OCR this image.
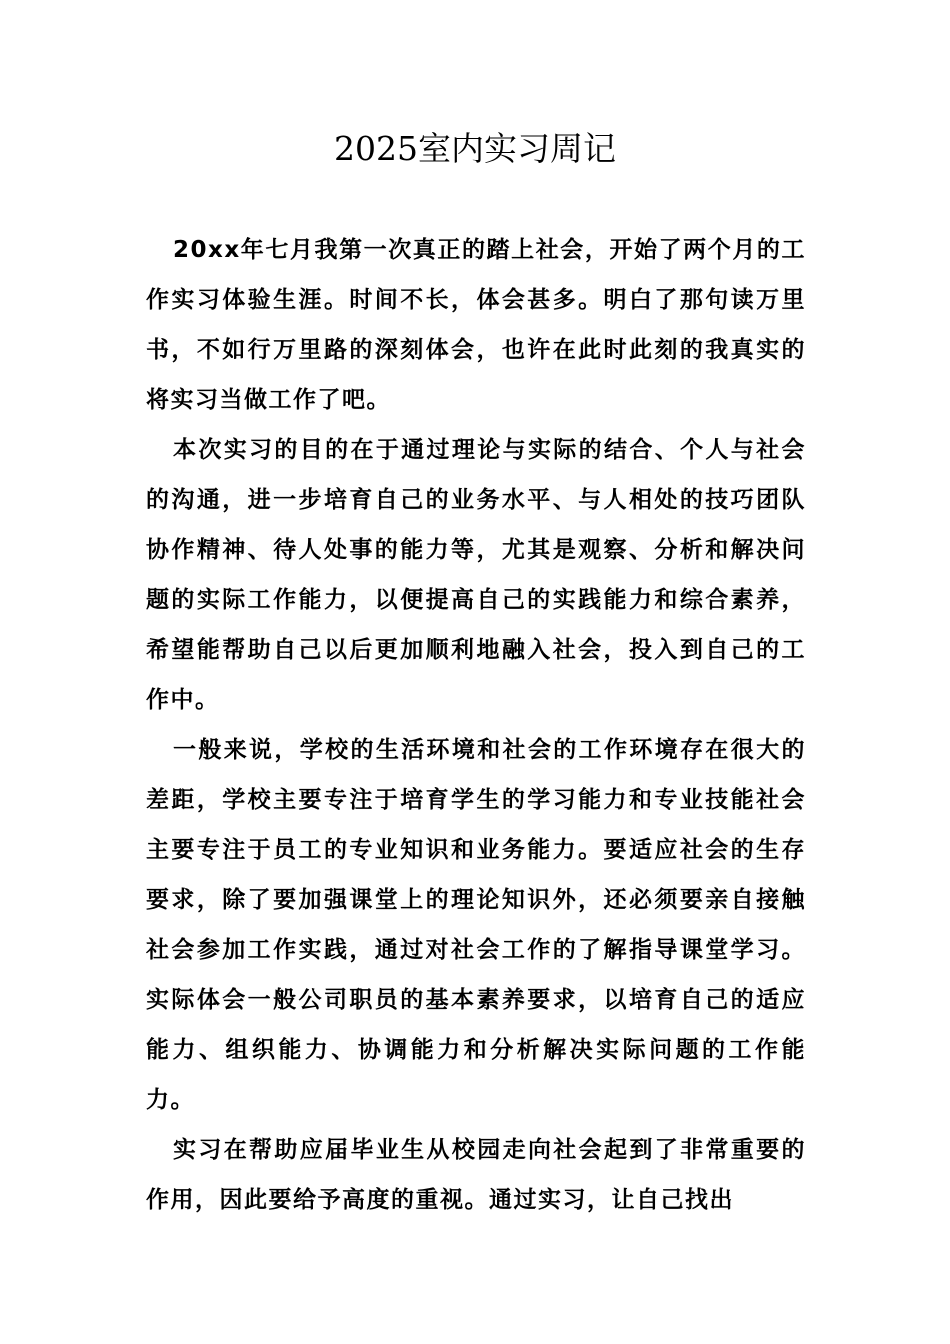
2025室内实习周记

20xx年七月我第一次真正的踏上社会，开始了两个月的工作实习体验生涯。时间不长，体会甚多。明白了那句读万里书，不如行万里路的深刻体会，也许在此时此刻的我真实的将实习当做工作了吧。

本次实习的目的在于通过理论与实际的结合、个人与社会的沟通，进一步培育自己的业务水平、与人相处的技巧团队协作精神、待人处事的能力等，尤其是观察、分析和解决问题的实际工作能力，以便提高自己的实践能力和综合素养，希望能帮助自己以后更加顺利地融入社会，投入到自己的工作中。

一般来说，学校的生活环境和社会的工作环境存在很大的差距，学校主要专注于培育学生的学习能力和专业技能社会主要专注于员工的专业知识和业务能力。要适应社会的生存要求，除了要加强课堂上的理论知识外，还必须要亲自接触社会参加工作实践，通过对社会工作的了解指导课堂学习。实际体会一般公司职员的基本素养要求，以培育自己的适应能力、组织能力、协调能力和分析解决实际问题的工作能力。

实习在帮助应届毕业生从校园走向社会起到了非常重要的作用，因此要给予高度的重视。通过实习，让自己找出
